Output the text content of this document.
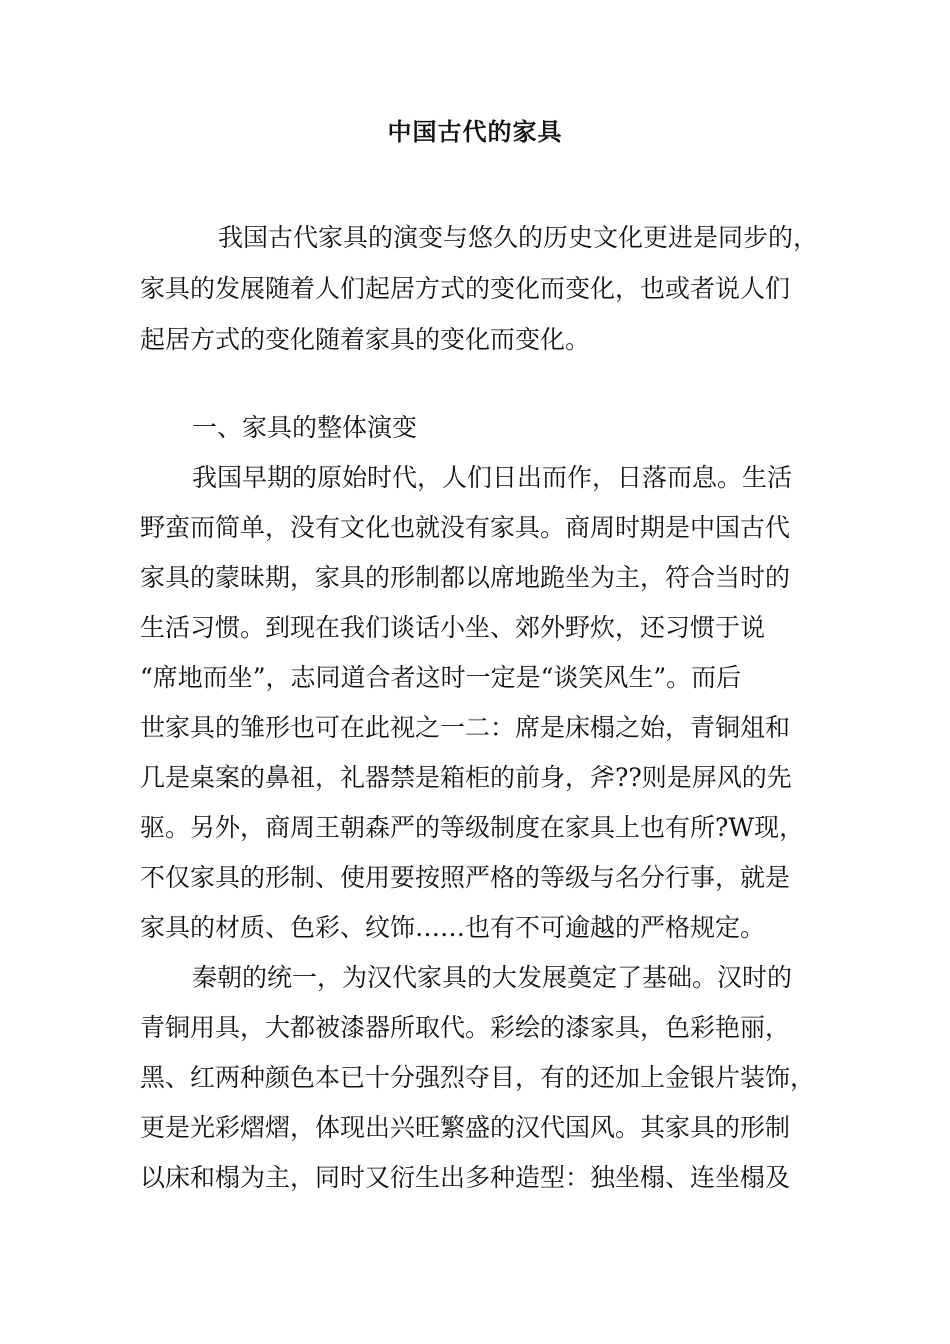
中国古代的家具

我国古代家具的演变与悠久的历史文化更进是同步的，

家具的发展随着人们起居方式的变化而变化，也或者说人们

起居方式的变化随着家具的变化而变化。

一、家具的整体演变

我国早期的原始时代，人们日出而作，日落而息。生活

野蛮而简单，没有文化也就没有家具。商周时期是中国古代

家具的蒙昧期，家具的形制都以席地跪坐为主，符合当时的

生活习惯。到现在我们谈话小坐、郊外野炊，还习惯于说

“席地而坐”，志同道合者这时一定是“谈笑风生”。而后

世家具的雏形也可在此视之一二：席是床榻之始，青铜俎和

几是桌案的鼻祖，礼器禁是箱柜的前身，斧??则是屏风的先

驱。另外，商周王朝森严的等级制度在家具上也有所?W现，

不仅家具的形制、使用要按照严格的等级与名分行事，就是

家具的材质、色彩、纹饰……也有不可逾越的严格规定。

秦朝的统一，为汉代家具的大发展奠定了基础。汉时的

青铜用具，大都被漆器所取代。彩绘的漆家具，色彩艳丽，

黑、红两种颜色本已十分强烈夺目，有的还加上金银片装饰，

更是光彩熠熠，体现出兴旺繁盛的汉代国风。其家具的形制

以床和榻为主，同时又衍生出多种造型：独坐榻、连坐榻及
